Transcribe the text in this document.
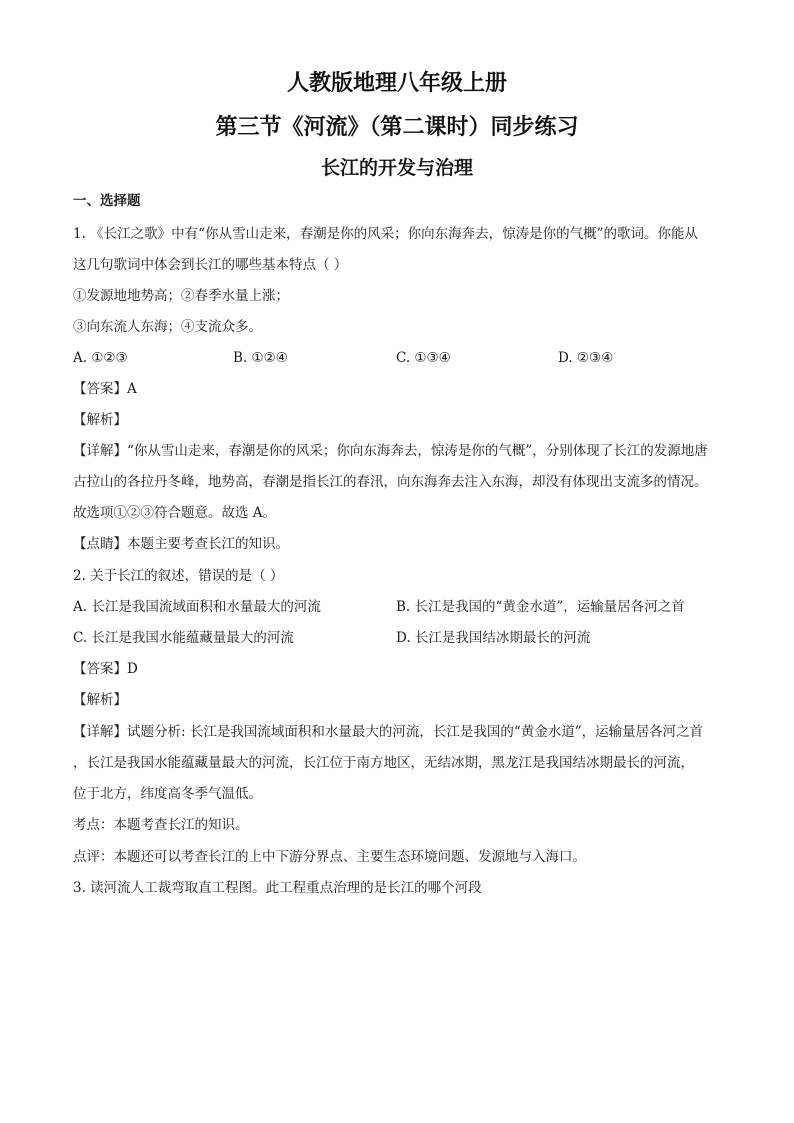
人教版地理八年级上册
第三节《河流》（第二课时）同步练习
长江的开发与治理
一、选择题
1. 《长江之歌》中有“你从雪山走来，春潮是你的风采；你向东海奔去，惊涛是你的气概”的歌词。你能从
这几句歌词中体会到长江的哪些基本特点（ ）
①发源地地势高；②春季水量上涨；
③向东流人东海；④支流众多。
A. ①②③	B. ①②④	C. ①③④	D. ②③④
【答案】A
【解析】
【详解】“你从雪山走来，春潮是你的风采；你向东海奔去，惊涛是你的气概”，分别体现了长江的发源地唐
古拉山的各拉丹冬峰，地势高，春潮是指长江的春汛，向东海奔去注入东海，却没有体现出支流多的情况。
故选项①②③符合题意。故选 A。
【点睛】本题主要考查长江的知识。
2. 关于长江的叙述，错误的是（ ）
A. 长江是我国流域面积和水量最大的河流	B. 长江是我国的“黄金水道”，运输量居各河之首
C. 长江是我国水能蕴藏量最大的河流	D. 长江是我国结冰期最长的河流
【答案】D
【解析】
【详解】试题分析: 长江是我国流域面积和水量最大的河流，长江是我国的“黄金水道”，运输量居各河之首
，长江是我国水能蕴藏量最大的河流，长江位于南方地区，无结冰期，黑龙江是我国结冰期最长的河流，
位于北方，纬度高冬季气温低。
考点：本题考查长江的知识。
点评：本题还可以考查长江的上中下游分界点、主要生态环境问题、发源地与入海口。
3. 读河流人工裁弯取直工程图。此工程重点治理的是长江的哪个河段
